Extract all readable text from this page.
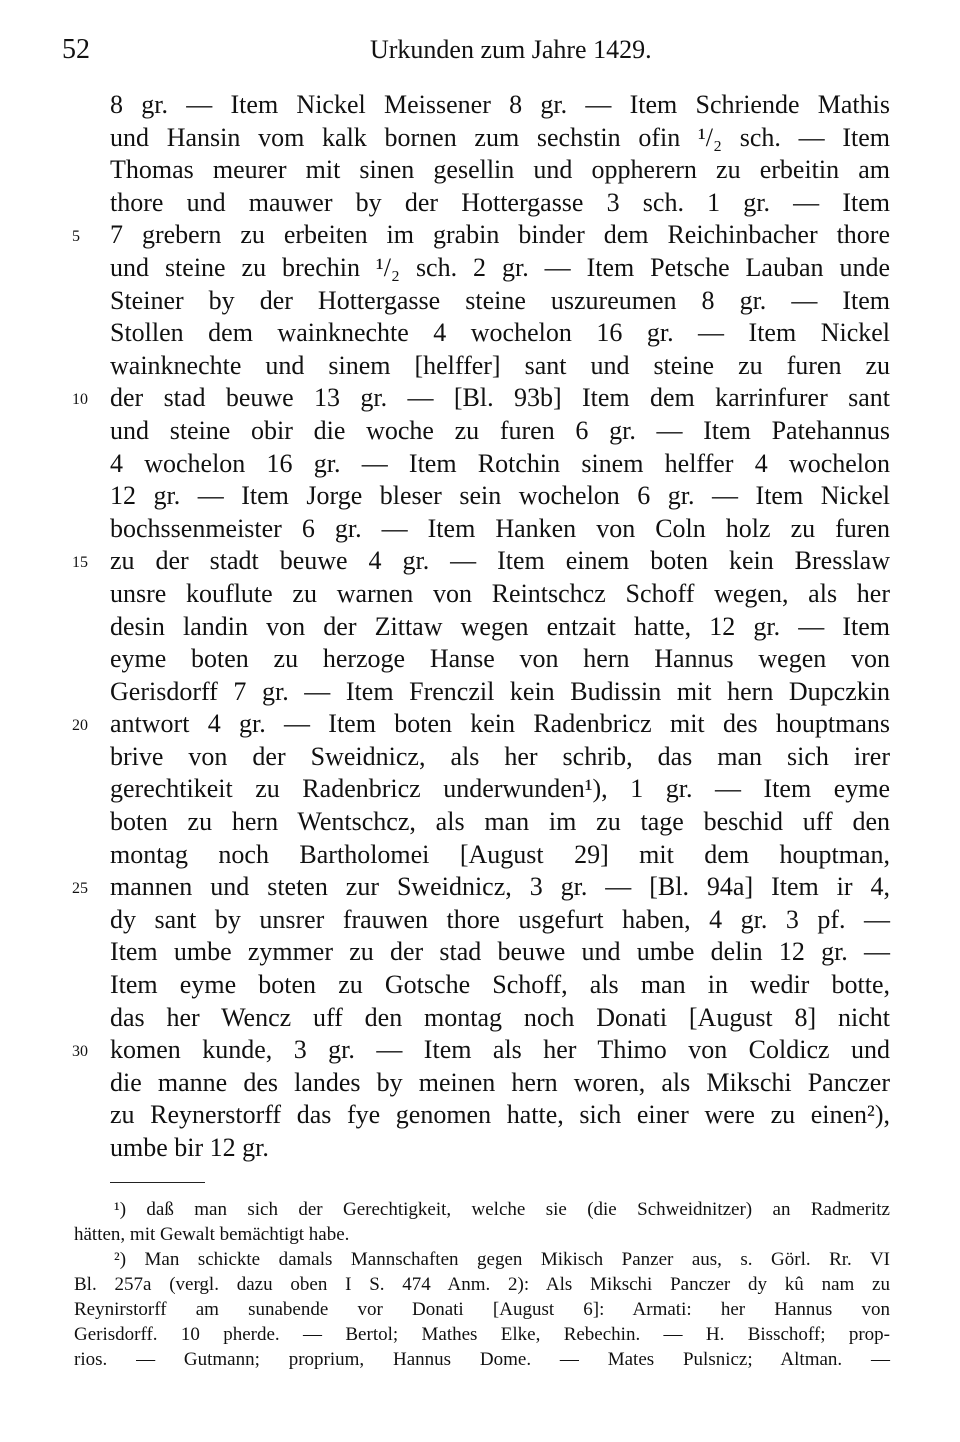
52	Urkunden zum Jahre 1429.
8 gr. — Item Nickel Meissener 8 gr. — Item Schriende Mathis
und Hansin vom kalk bornen zum sechstin ofin ¹/₂ sch. — Item
Thomas meurer mit sinen gesellin und oppherern zu erbeitin am
thore und mauwer by der Hottergasse 3 sch. 1 gr. — Item
5	7 grebern zu erbeiten im grabin binder dem Reichinbacher thore
und steine zu brechin ¹/₂ sch. 2 gr. — Item Petsche Lauban unde
Steiner by der Hottergasse steine uszureumen 8 gr. — Item
Stollen dem wainknechte 4 wochelon 16 gr. — Item Nickel
wainknechte und sinem [helffer] sant und steine zu furen zu
10 der stad beuwe 13 gr. — [Bl. 93b] Item dem karrinfurer sant
und steine obir die woche zu furen 6 gr. — Item Patehannus
4 wochelon 16 gr. — Item Rotchin sinem helffer 4 wochelon
12 gr. — Item Jorge bleser sein wochelon 6 gr. — Item Nickel
bochssenmeister 6 gr. — Item Hanken von Coln holz zu furen
15 zu der stadt beuwe 4 gr. — Item einem boten kein Bresslaw
unsre kouflute zu warnen von Reintschcz Schoff wegen, als her
desin landin von der Zittaw wegen entzait hatte, 12 gr. — Item
eyme boten zu herzoge Hanse von hern Hannus wegen von
Gerisdorff 7 gr. — Item Frenczil kein Budissin mit hern Dupczkin
20 antwort 4 gr. — Item boten kein Radenbricz mit des houptmans
brive von der Sweidnicz, als her schrib, das man sich irer
gerechtikeit zu Radenbricz underwunden¹), 1 gr. — Item eyme
boten zu hern Wentschcz, als man im zu tage beschid uff den
montag noch Bartholomei [August 29] mit dem houptman,
25 mannen und steten zur Sweidnicz, 3 gr. — [Bl. 94a] Item ir 4,
dy sant by unsrer frauwen thore usgefurt haben, 4 gr. 3 pf. —
Item umbe zymmer zu der stad beuwe und umbe delin 12 gr. —
Item eyme boten zu Gotsche Schoff, als man in wedir botte,
das her Wencz uff den montag noch Donati [August 8] nicht
30 komen kunde, 3 gr. — Item als her Thimo von Coldicz und
die manne des landes by meinen hern woren, als Mikschi Panczer
zu Reynerstorff das fye genomen hatte, sich einer were zu einen²),
umbe bir 12 gr.
¹) daß man sich der Gerechtigkeit, welche sie (die Schweidnitzer) an Radmeritz
hätten, mit Gewalt bemächtigt habe.
²) Man schickte damals Mannschaften gegen Mikisch Panzer aus, s. Görl. Rr. VI
Bl. 257a (vergl. dazu oben I S. 474 Anm. 2): Als Mikschi Panczer dy kû nam zu
Reynirstorff am sunabende vor Donati [August 6]: Armati: her Hannus von
Gerisdorff. 10 pherde. — Bertol; Mathes Elke, Rebechin. — H. Bisschoff; prop-
rios. — Gutmann; proprium, Hannus Dome. — Mates Pulsnicz; Altman. —
